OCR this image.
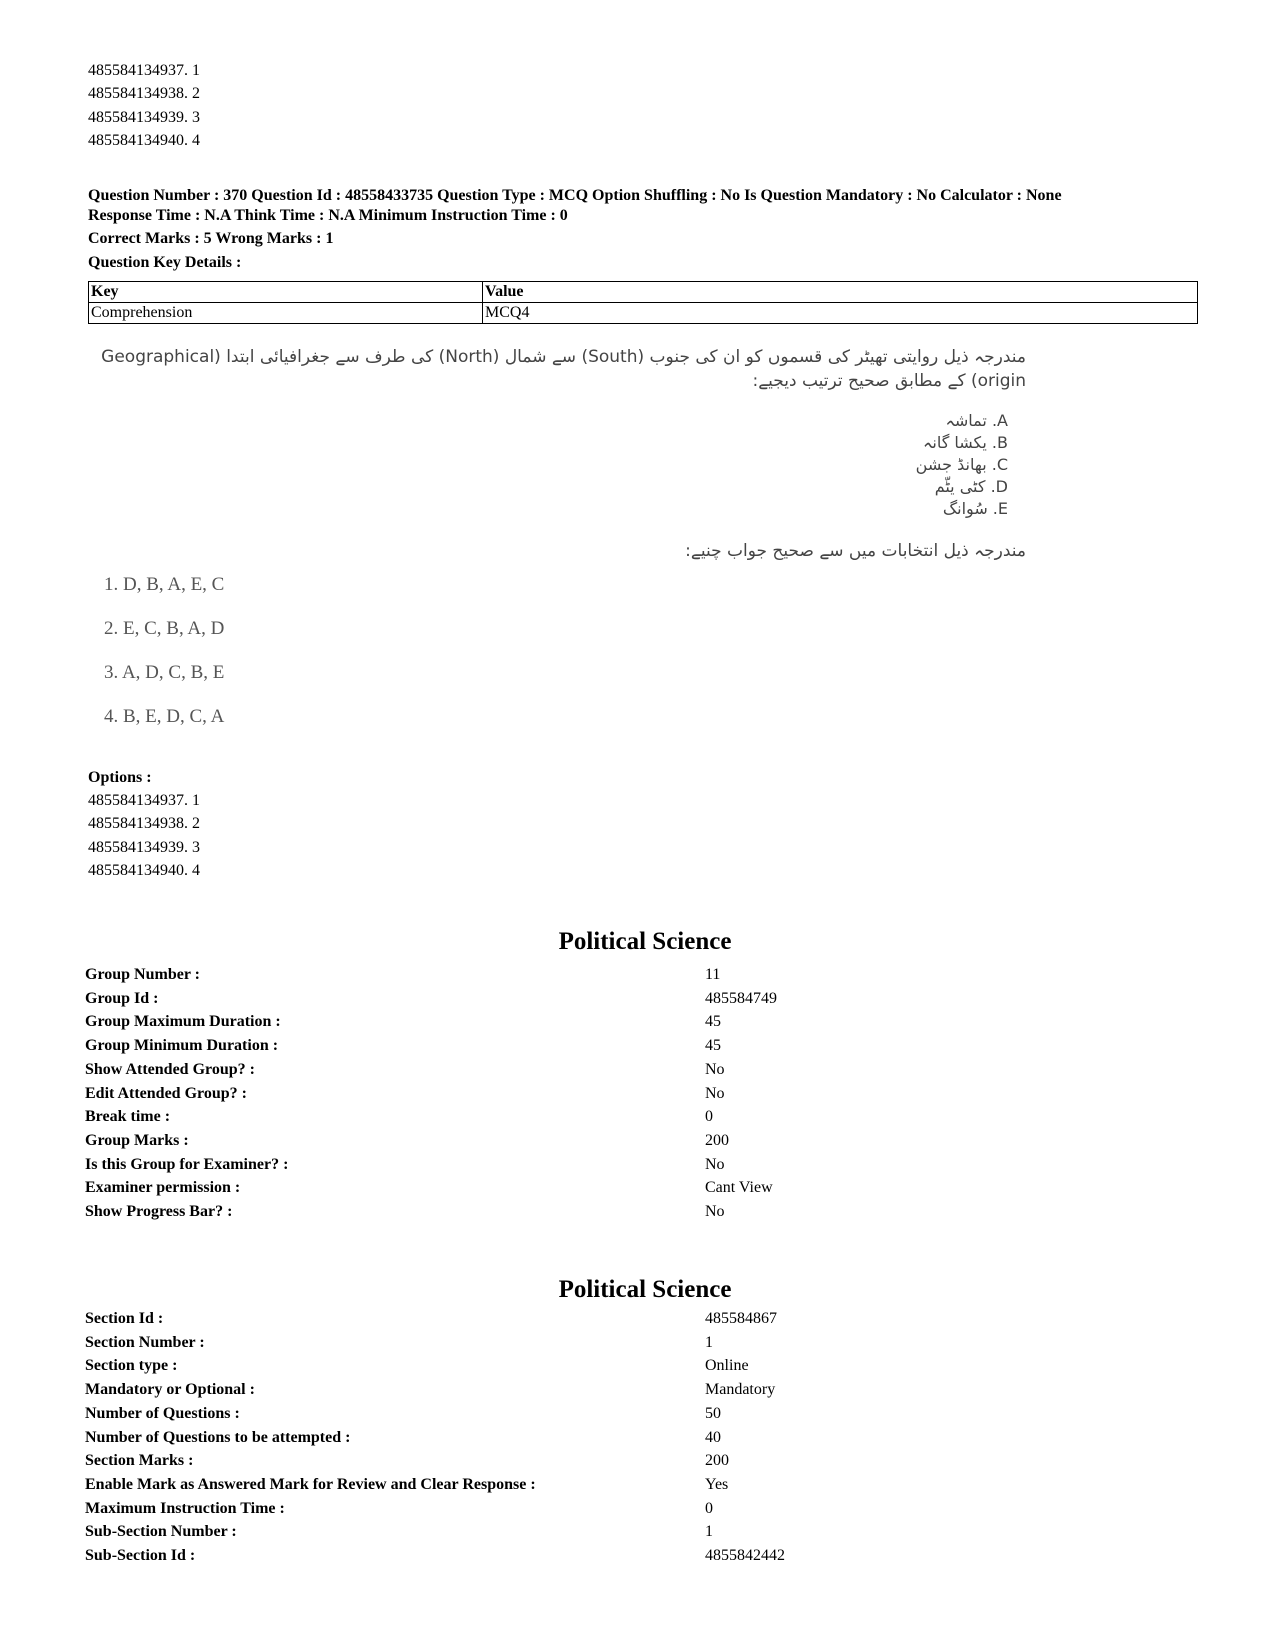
485584134937. 1
485584134938. 2
485584134939. 3
485584134940. 4
Question Number : 370 Question Id : 48558433735 Question Type : MCQ Option Shuffling : No Is Question Mandatory : No Calculator : None
Response Time : N.A Think Time : N.A Minimum Instruction Time : 0
Correct Marks : 5 Wrong Marks : 1
Question Key Details :
Key	Value
Comprehension	MCQ4
مندرجہ ذیل روایتی تھیٹر کی قسموں کو ان کی جنوب (South) سے شمال (North) کی طرف سے جغرافیائی ابتدا (Geographical
origin) کے مطابق صحیح ترتیب دیجیے:
A. تماشہ
B. یکشا گانہ
C. بھانڈ جشن
D. کٹی یٹّم
E. سُوانگ
مندرجہ ذیل انتخابات میں سے صحیح جواب چنیے:
1. D, B, A, E, C
2. E, C, B, A, D
3. A, D, C, B, E
4. B, E, D, C, A
Options :
485584134937. 1
485584134938. 2
485584134939. 3
485584134940. 4
Political Science
Group Number :	11
Group Id :	485584749
Group Maximum Duration :	45
Group Minimum Duration :	45
Show Attended Group? :	No
Edit Attended Group? :	No
Break time :	0
Group Marks :	200
Is this Group for Examiner? :	No
Examiner permission :	Cant View
Show Progress Bar? :	No
Political Science
Section Id :	485584867
Section Number :	1
Section type :	Online
Mandatory or Optional :	Mandatory
Number of Questions :	50
Number of Questions to be attempted :	40
Section Marks :	200
Enable Mark as Answered Mark for Review and Clear Response :	Yes
Maximum Instruction Time :	0
Sub-Section Number :	1
Sub-Section Id :	4855842442
